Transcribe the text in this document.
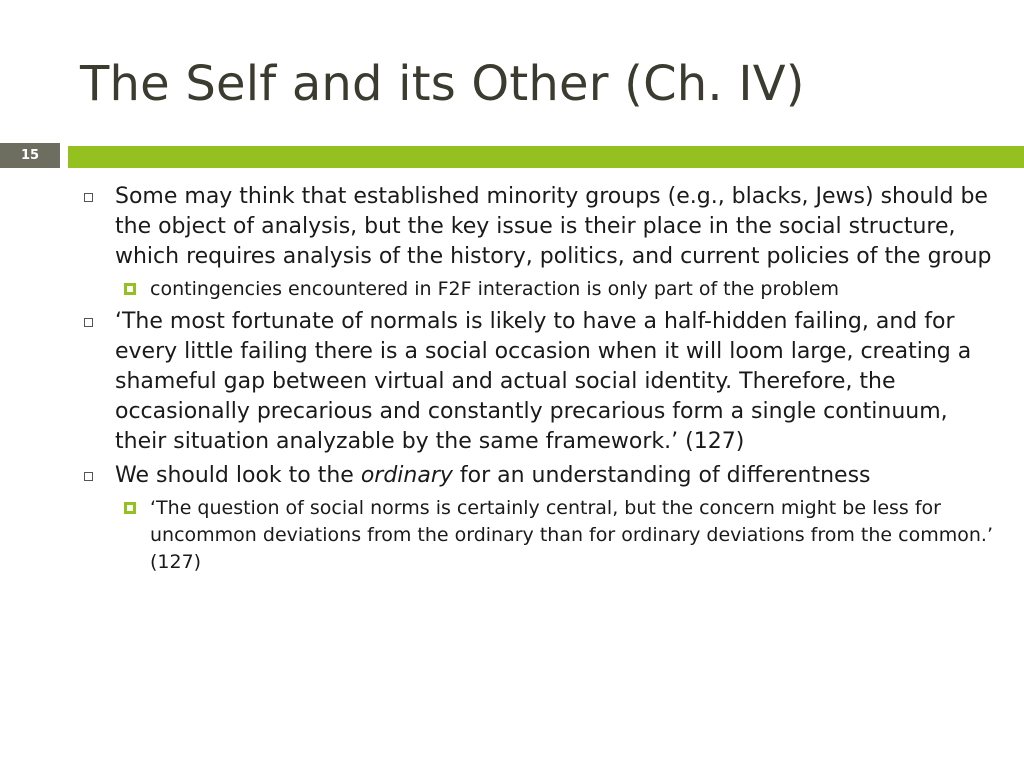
The Self and its Other (Ch. IV)
15
Some may think that established minority groups (e.g., blacks, Jews) should be the object of analysis, but the key issue is their place in the social structure, which requires analysis of the history, politics, and current policies of the group
contingencies encountered in F2F interaction is only part of the problem
‘The most fortunate of normals is likely to have a half-hidden failing, and for every little failing there is a social occasion when it will loom large, creating a shameful gap between virtual and actual social identity. Therefore, the occasionally precarious and constantly precarious form a single continuum, their situation analyzable by the same framework.’ (127)
We should look to the ordinary for an understanding of differentness
‘The question of social norms is certainly central, but the concern might be less for uncommon deviations from the ordinary than for ordinary deviations from the common.’ (127)
